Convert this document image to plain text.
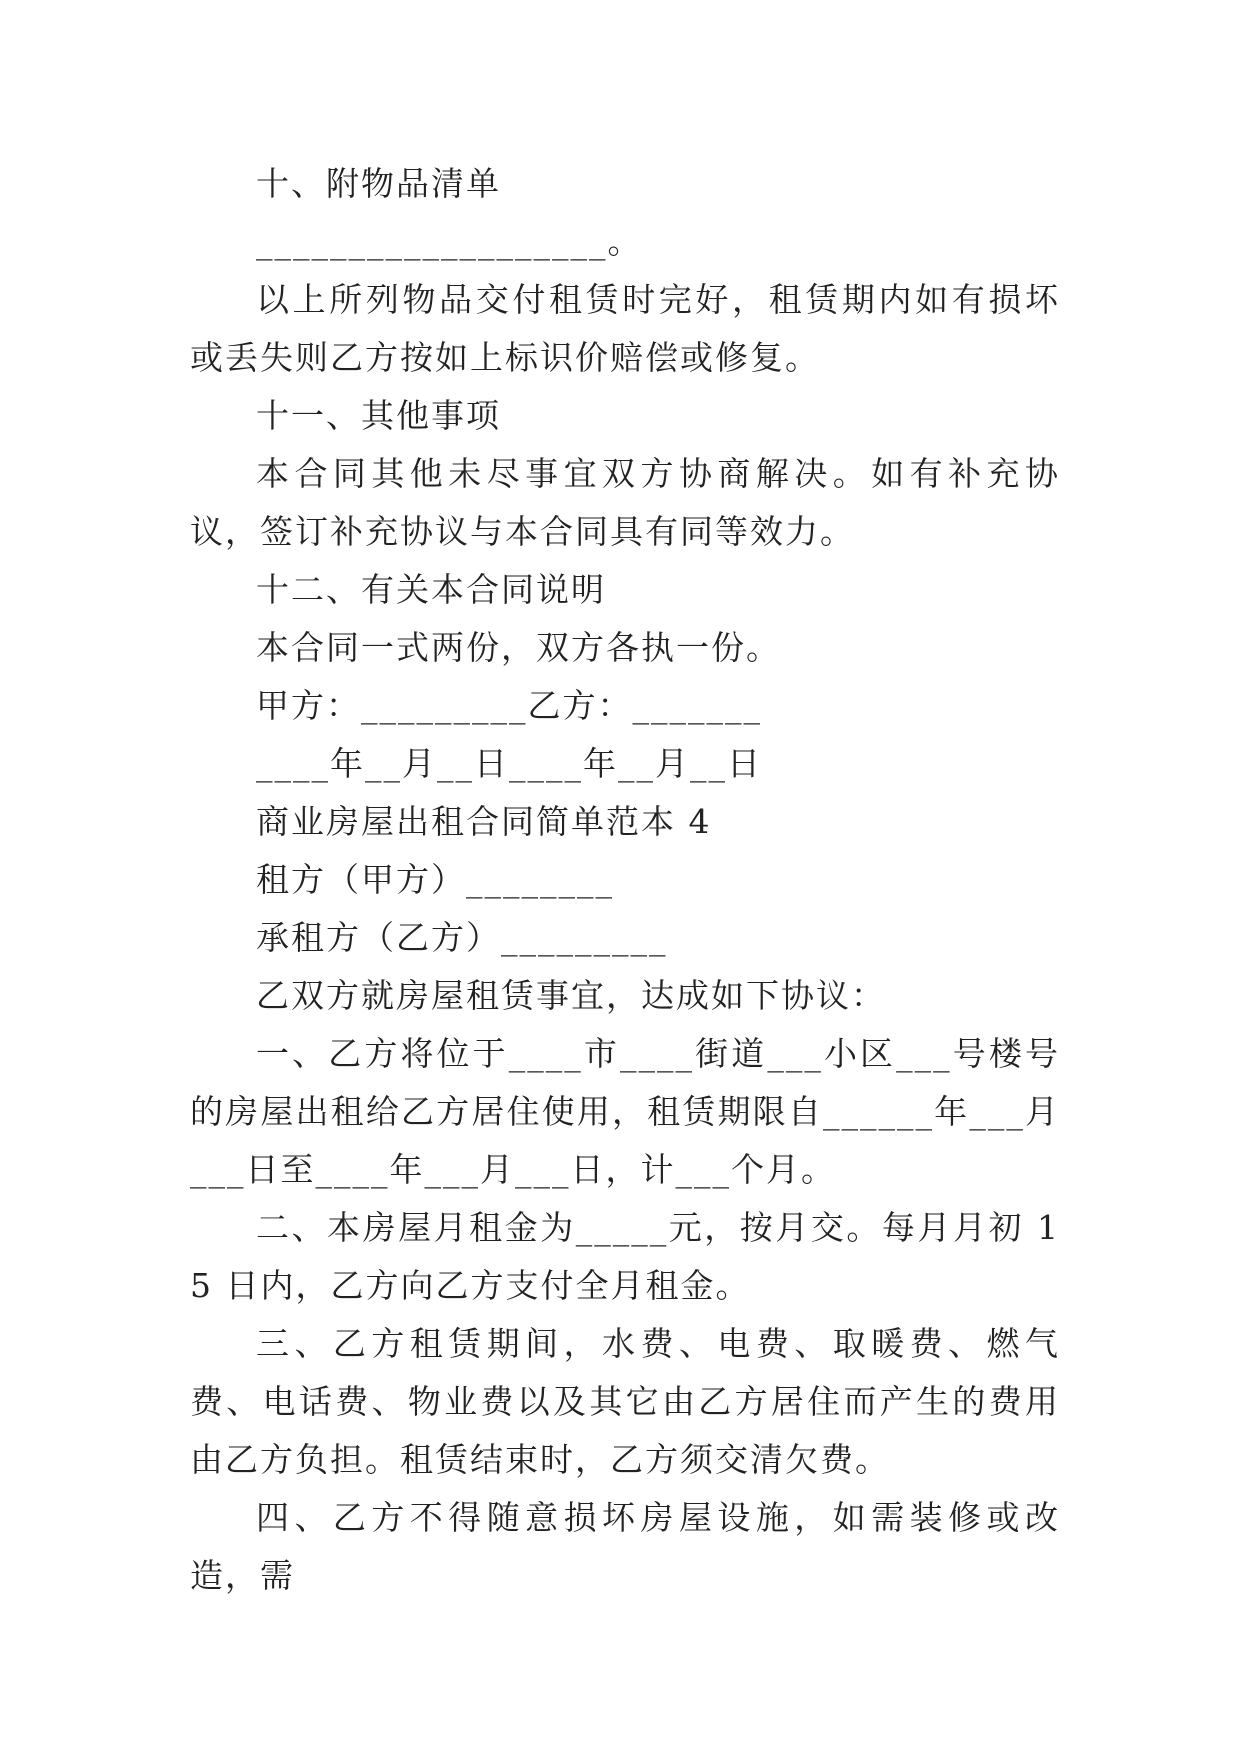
十、附物品清单

___________________。

以上所列物品交付租赁时完好，租赁期内如有损坏或丢失则乙方按如上标识价赔偿或修复。

十一、其他事项

本合同其他未尽事宜双方协商解决。如有补充协议，签订补充协议与本合同具有同等效力。

十二、有关本合同说明

本合同一式两份，双方各执一份。

甲方：_________乙方：_______

____年__月__日____年__月__日

商业房屋出租合同简单范本 4

租方（甲方）________

承租方（乙方）_________

乙双方就房屋租赁事宜，达成如下协议：

一、乙方将位于____市____街道___小区___号楼号的房屋出租给乙方居住使用，租赁期限自______年___月___日至____年___月___日，计___个月。

二、本房屋月租金为_____元，按月交。每月月初 15 日内，乙方向乙方支付全月租金。

三、乙方租赁期间，水费、电费、取暖费、燃气费、电话费、物业费以及其它由乙方居住而产生的费用由乙方负担。租赁结束时，乙方须交清欠费。

四、乙方不得随意损坏房屋设施，如需装修或改造，需
